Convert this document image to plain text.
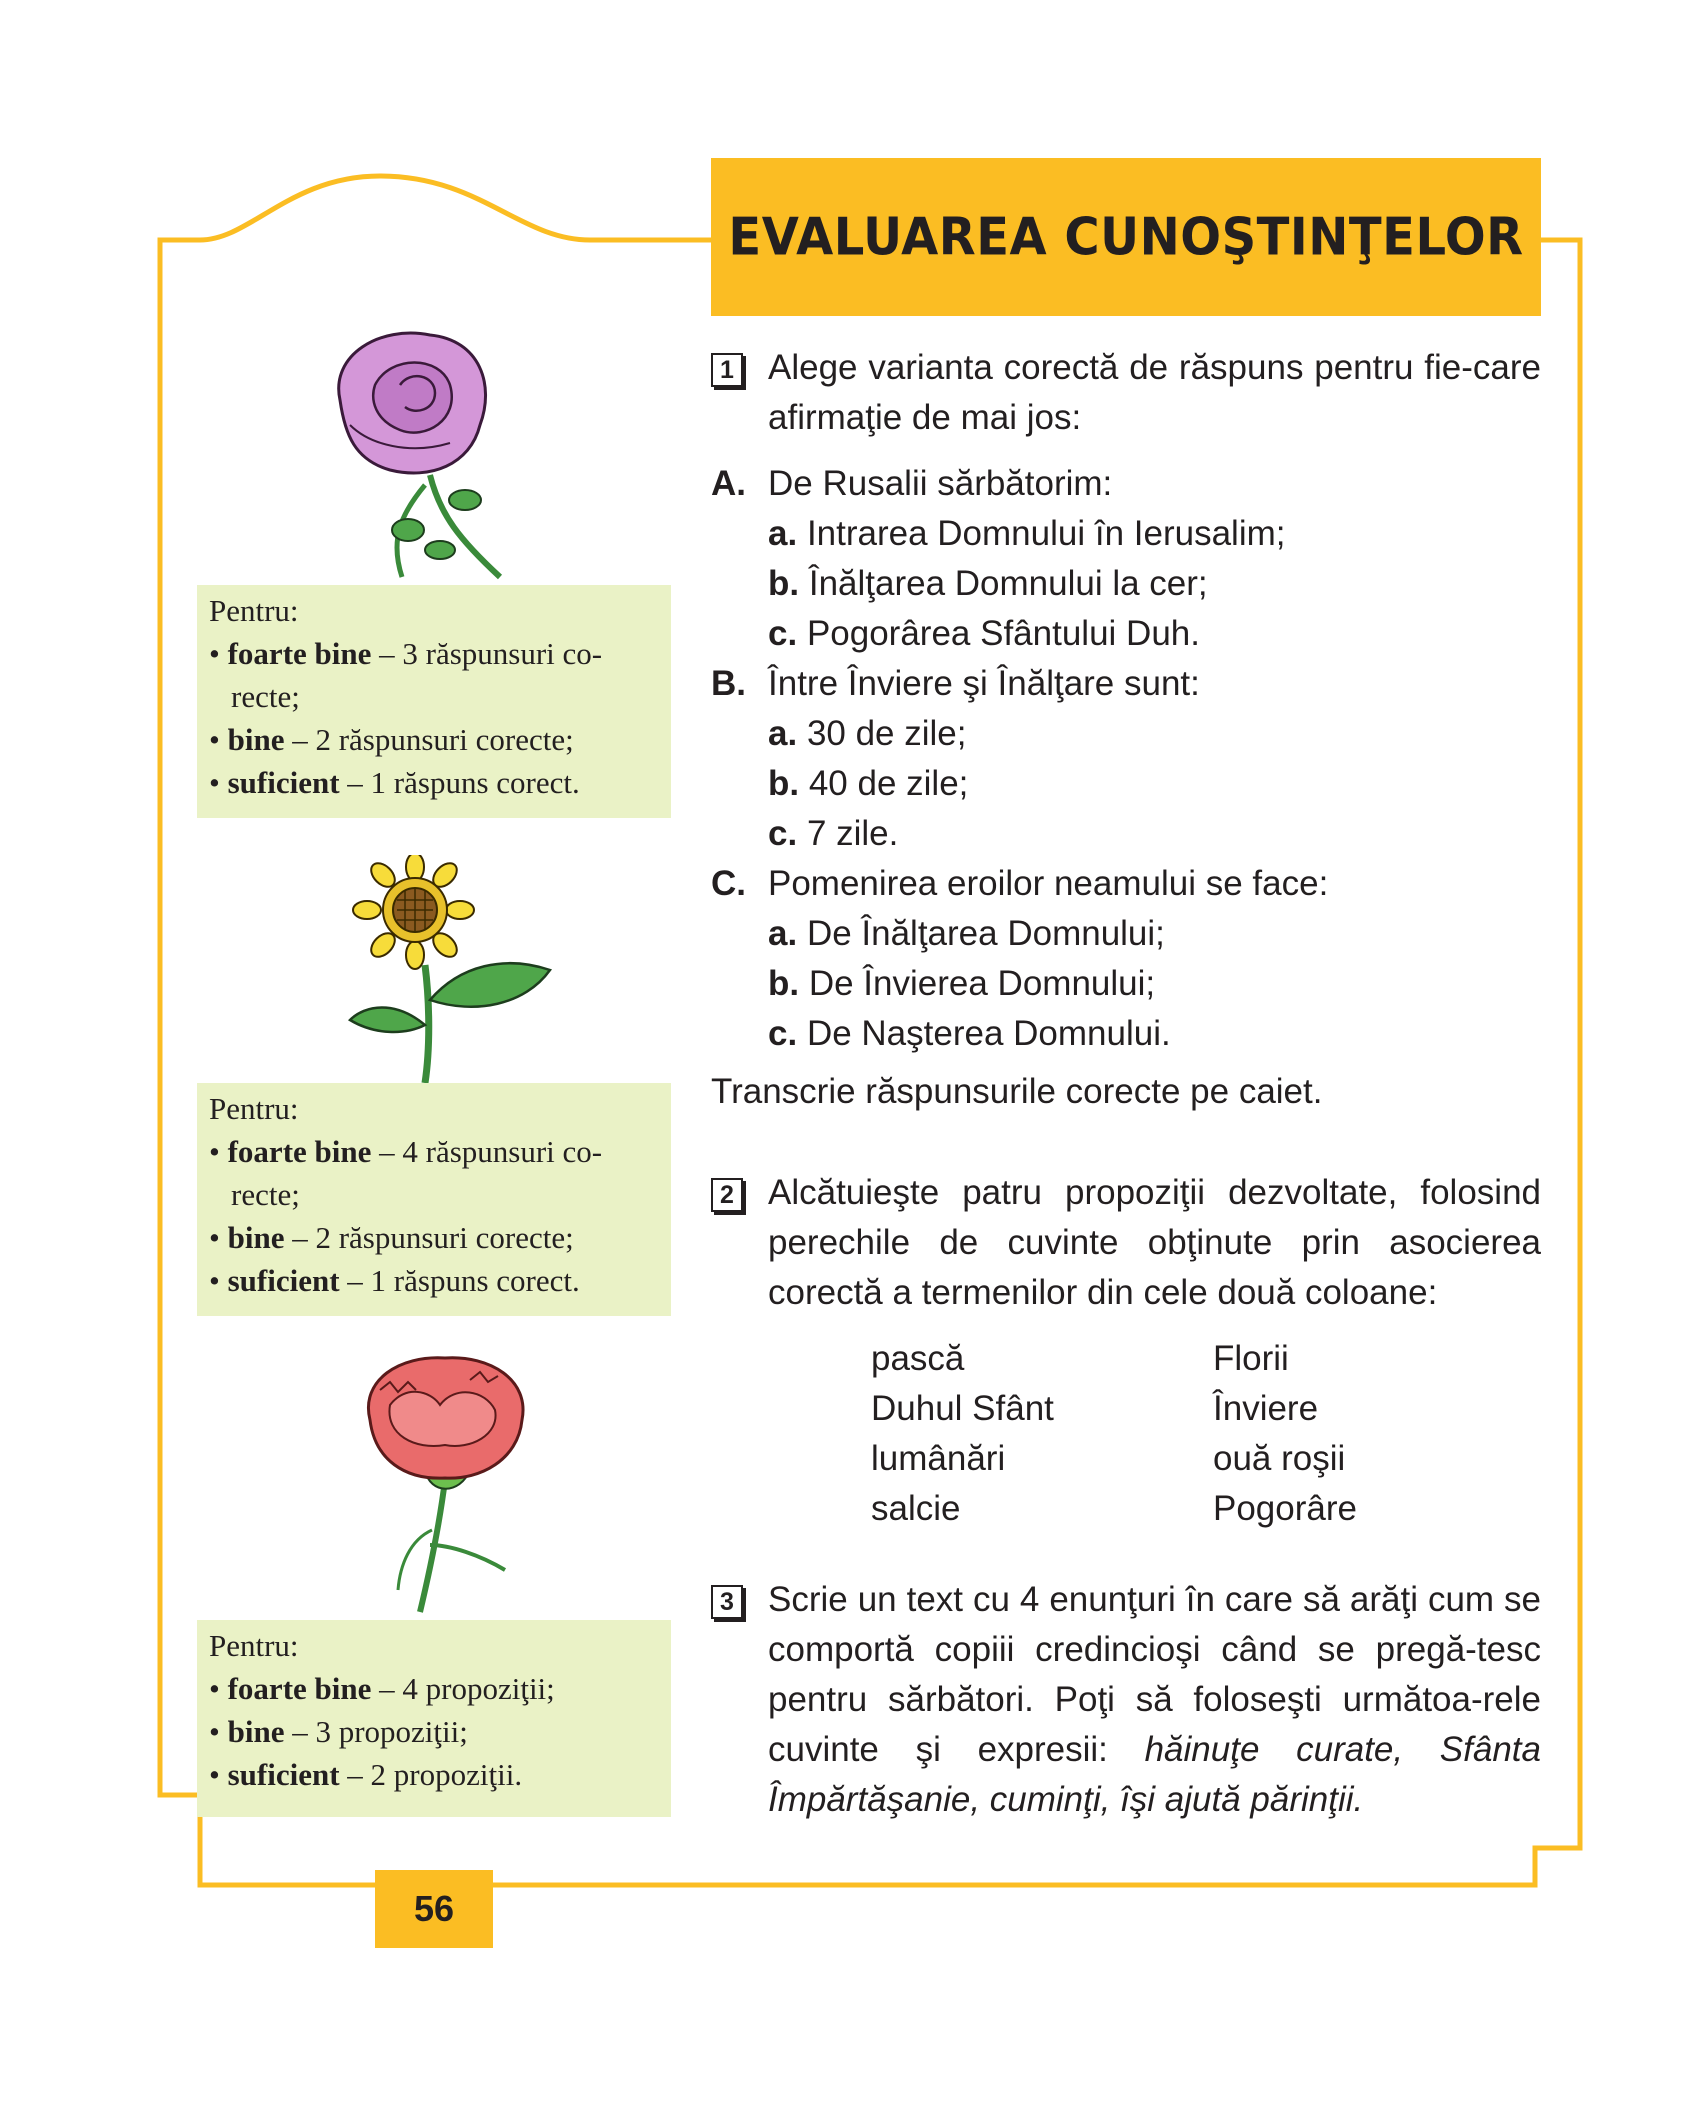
EVALUAREA CUNOŞTINŢELOR
Pentru:
• foarte bine – 3 răspunsuri co-recte;
• bine – 2 răspunsuri corecte;
• suficient – 1 răspuns corect.
Pentru:
• foarte bine – 4 răspunsuri co-recte;
• bine – 2 răspunsuri corecte;
• suficient – 1 răspuns corect.
Pentru:
• foarte bine – 4 propoziţii;
• bine – 3 propoziţii;
• suficient – 2 propoziţii.
1 Alege varianta corectă de răspuns pentru fie-care afirmaţie de mai jos:
A. De Rusalii sărbătorim:
a. Intrarea Domnului în Ierusalim;
b. Înălţarea Domnului la cer;
c. Pogorârea Sfântului Duh.
B. Între Înviere şi Înălţare sunt:
a. 30 de zile;
b. 40 de zile;
c. 7 zile.
C. Pomenirea eroilor neamului se face:
a. De Înălţarea Domnului;
b. De Învierea Domnului;
c. De Naşterea Domnului.
Transcrie răspunsurile corecte pe caiet.
2 Alcătuieşte patru propoziţii dezvoltate, folosind perechile de cuvinte obţinute prin asocierea corectă a termenilor din cele două coloane:
pască
Duhul Sfânt
lumânări
salcie
Florii
Înviere
ouă roşii
Pogorâre
3 Scrie un text cu 4 enunţuri în care să arăţi cum se comportă copiii credincioşi când se pregă-tesc pentru sărbători. Poţi să foloseşti următoa-rele cuvinte şi expresii: hăinuţe curate, Sfânta Împărtăşanie, cuminţi, îşi ajută părinţii.
56
